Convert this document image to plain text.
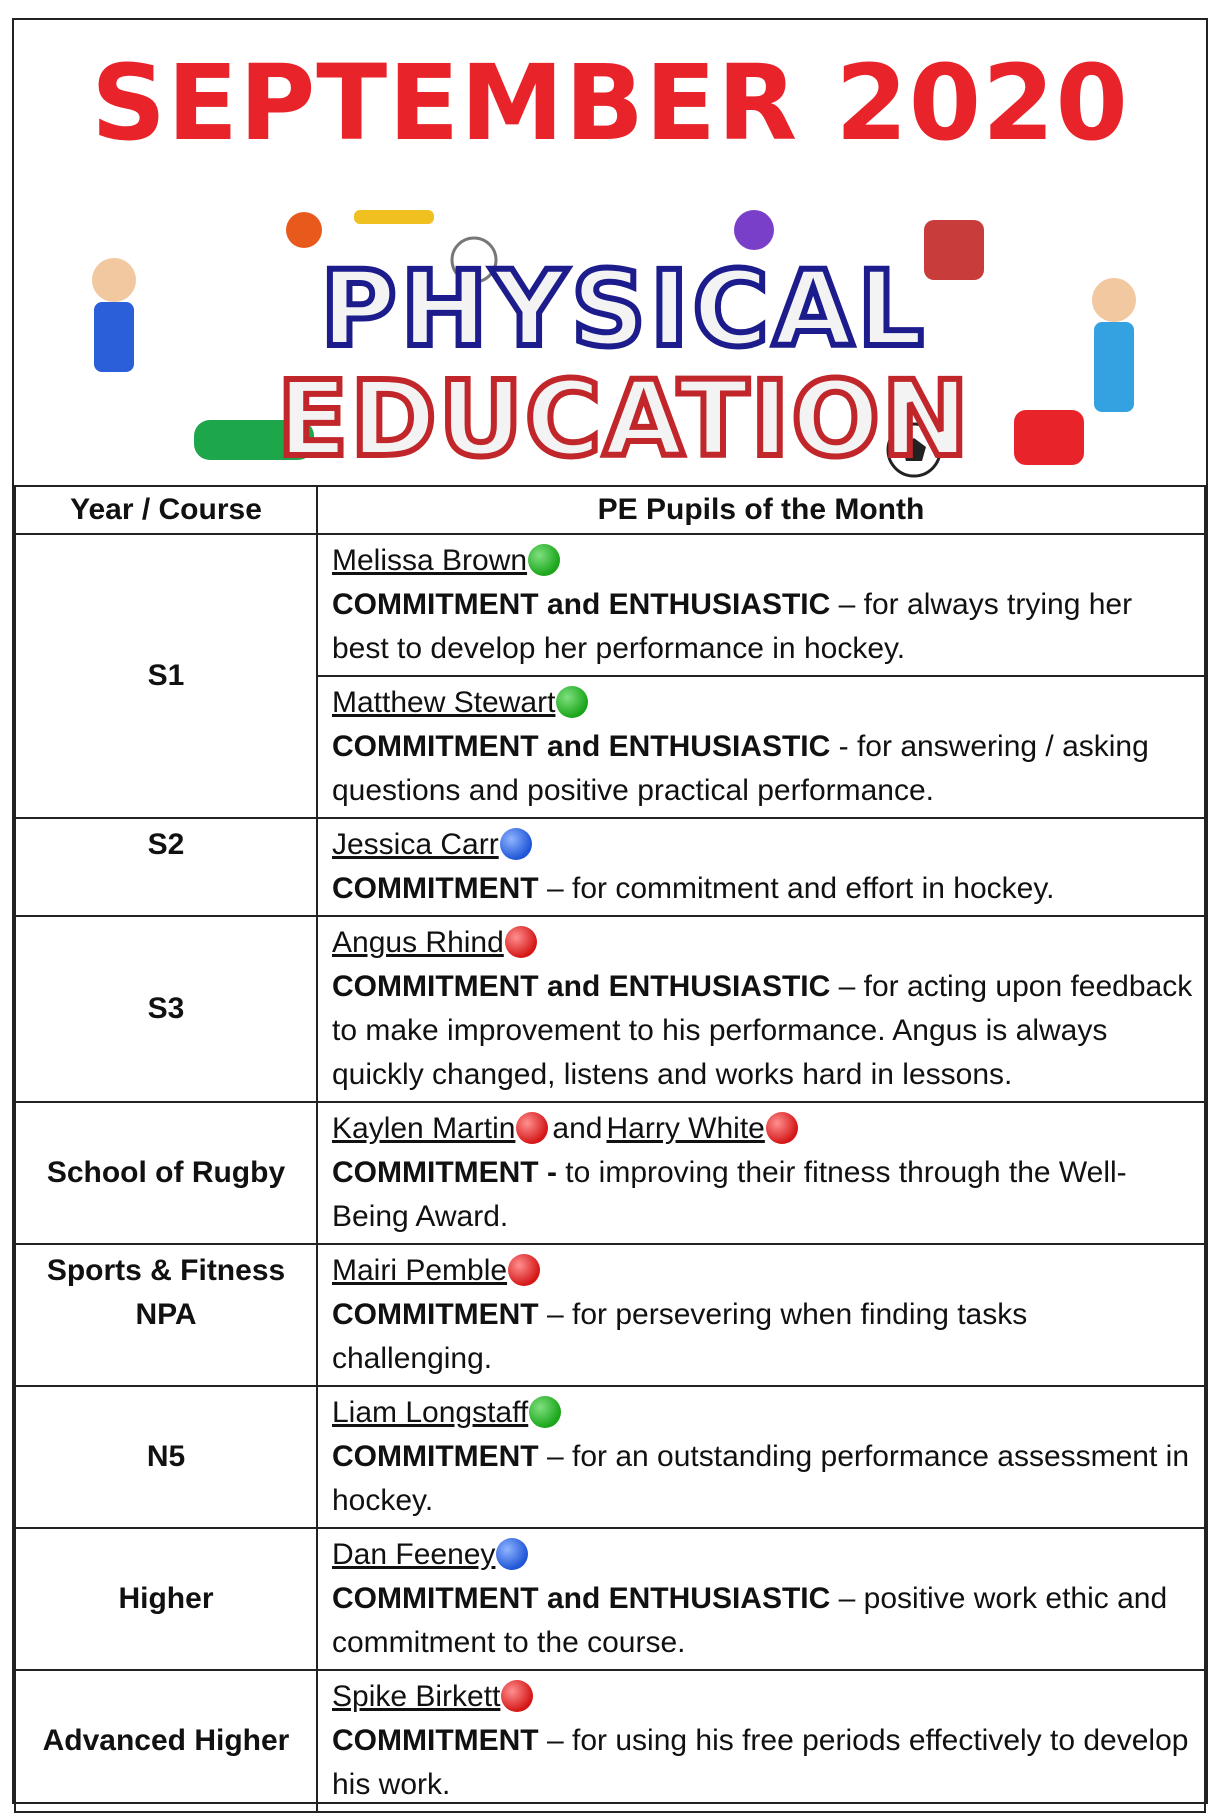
SEPTEMBER 2020
PHYSICAL
EDUCATION
Year / Course	PE Pupils of the Month
S1	Melissa Brown
COMMITMENT and ENTHUSIASTIC – for always trying her best to develop her performance in hockey.
	Matthew Stewart
COMMITMENT and ENTHUSIASTIC - for answering / asking questions and positive practical performance.
S2	Jessica Carr
COMMITMENT – for commitment and effort in hockey.
S3	Angus Rhind
COMMITMENT and ENTHUSIASTIC – for acting upon feedback to make improvement to his performance. Angus is always quickly changed, listens and works hard in lessons.
School of Rugby	Kaylen Martin and Harry White
COMMITMENT - to improving their fitness through the Well-Being Award.
Sports & Fitness NPA	Mairi Pemble
COMMITMENT – for persevering when finding tasks challenging.
N5	Liam Longstaff
COMMITMENT – for an outstanding performance assessment in hockey.
Higher	Dan Feeney
COMMITMENT and ENTHUSIASTIC – positive work ethic and commitment to the course.
Advanced Higher	Spike Birkett
COMMITMENT – for using his free periods effectively to develop his work.
